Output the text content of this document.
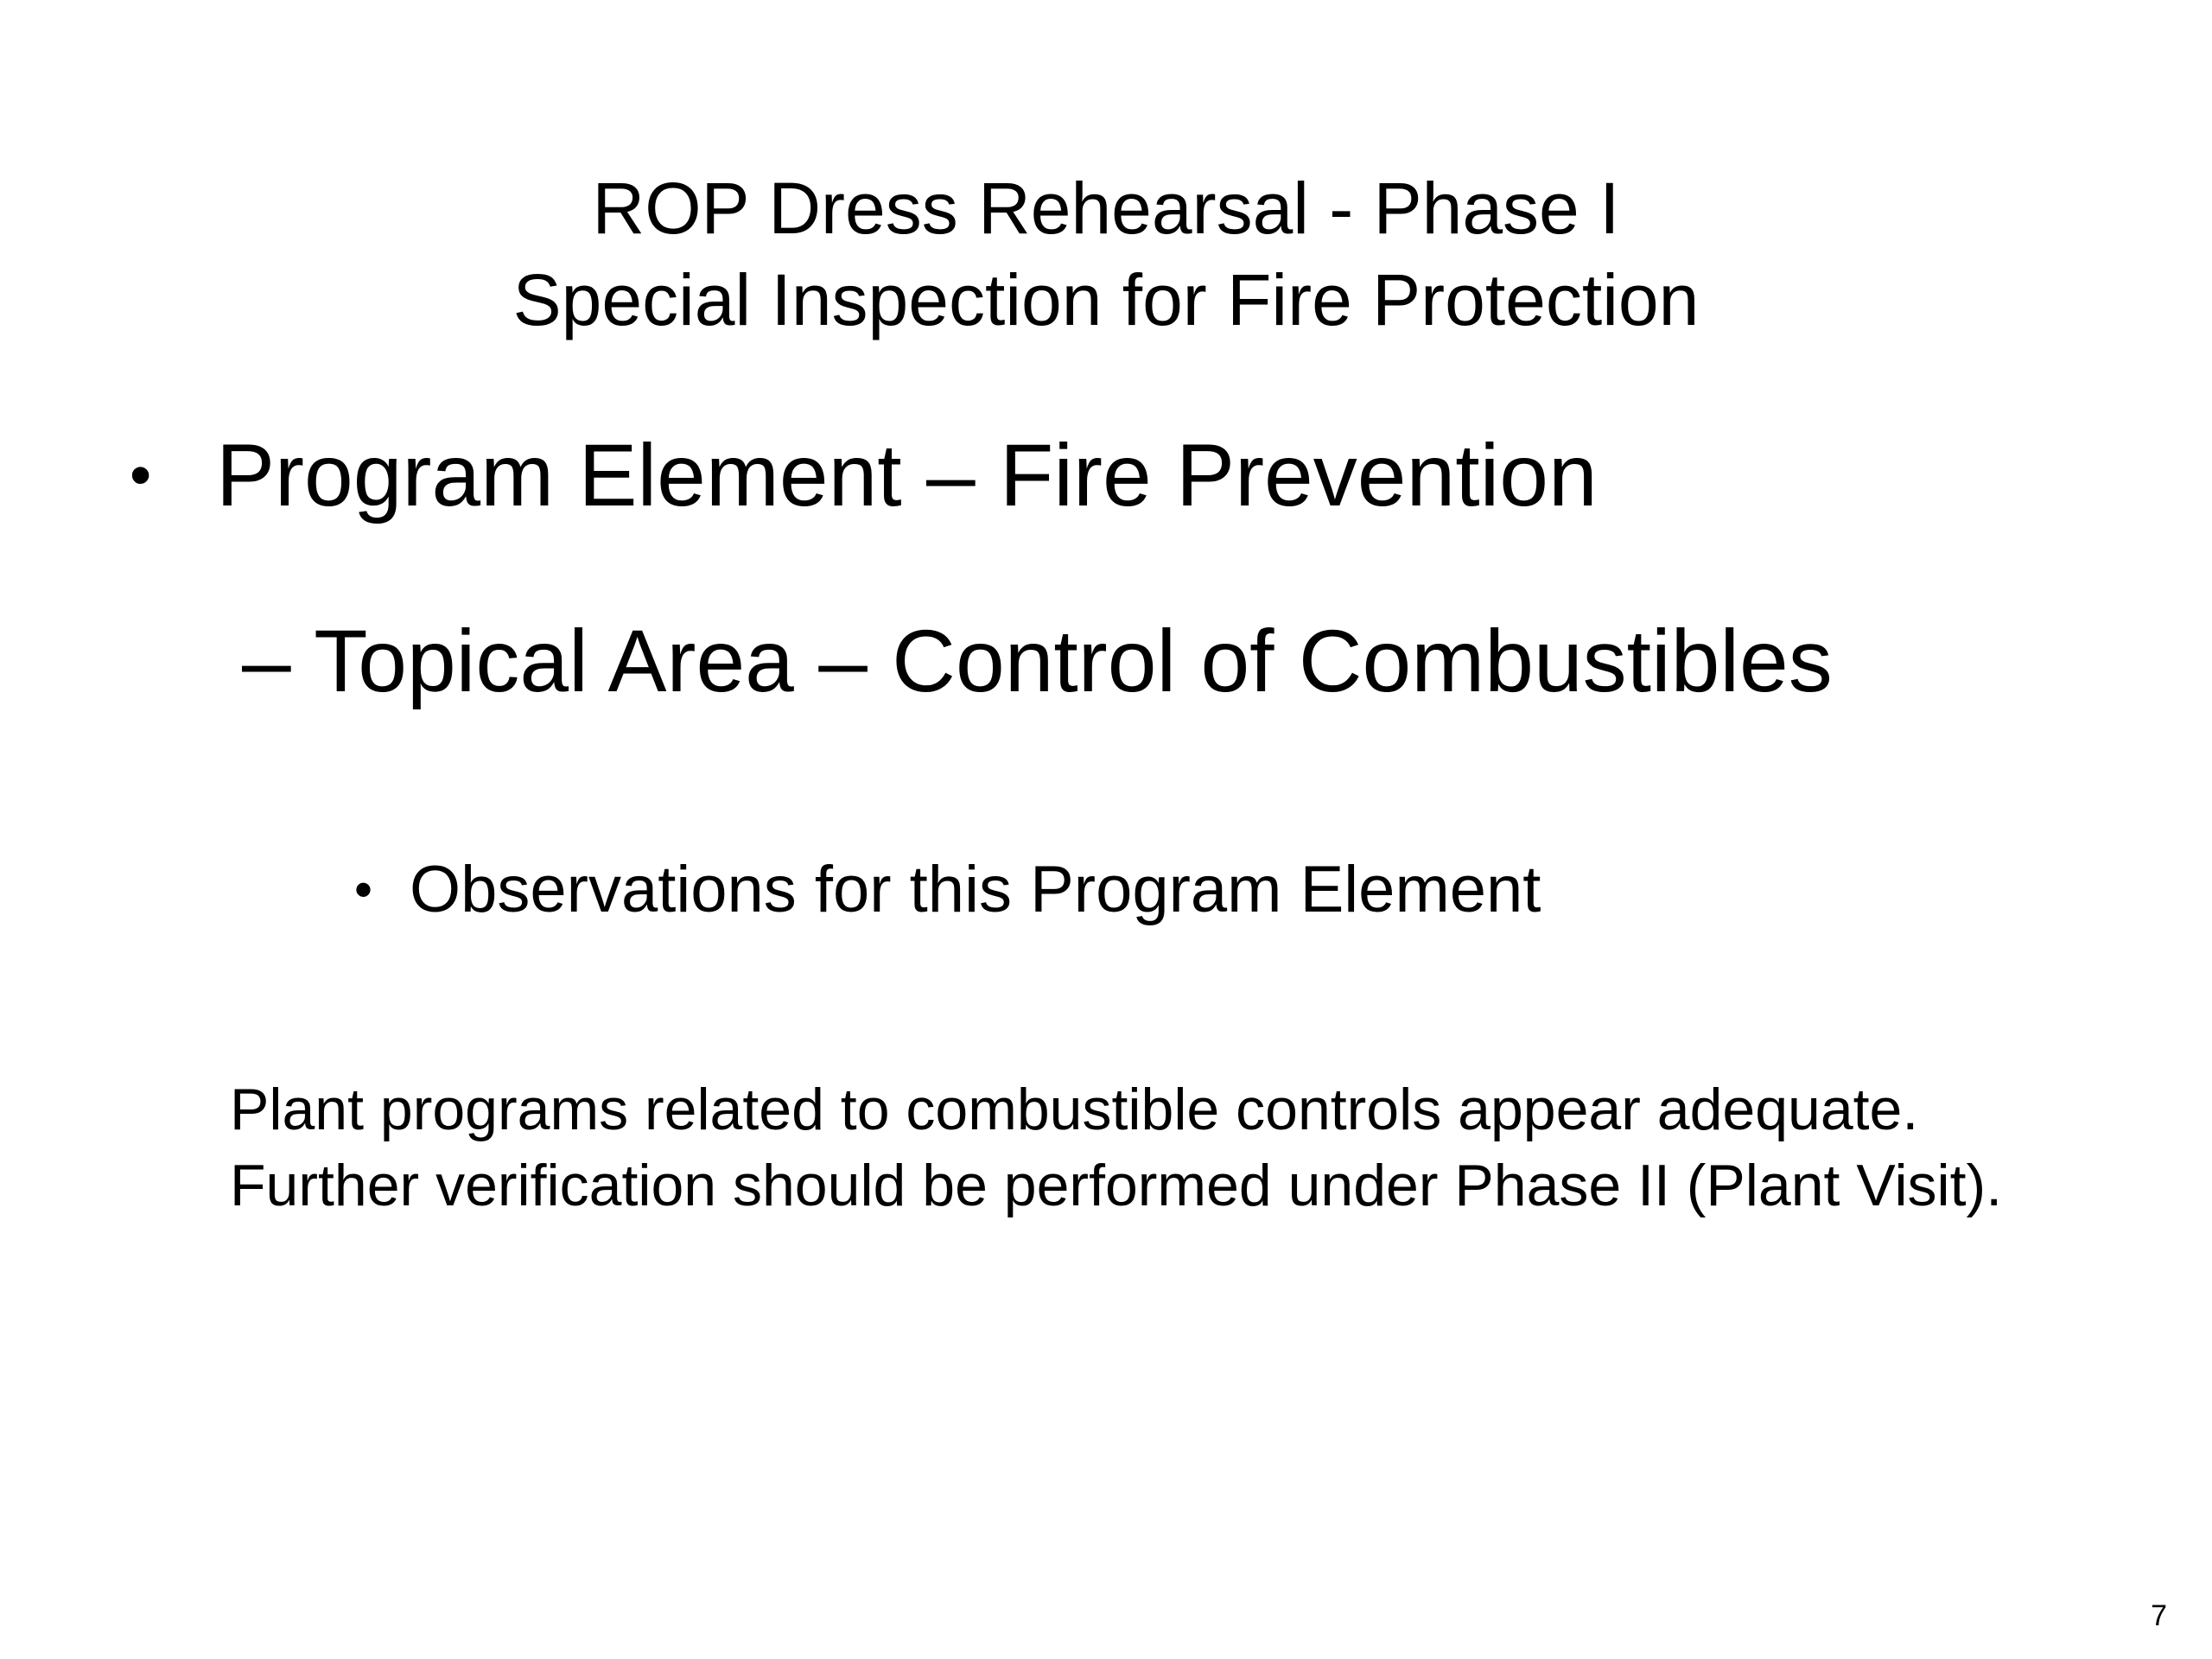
ROP Dress Rehearsal - Phase I
Special Inspection for Fire Protection
• Program Element – Fire Prevention
– Topical Area – Control of Combustibles
• Observations for this Program Element
Plant programs related to combustible controls appear adequate.
Further verification should be performed under Phase II (Plant Visit).
7
